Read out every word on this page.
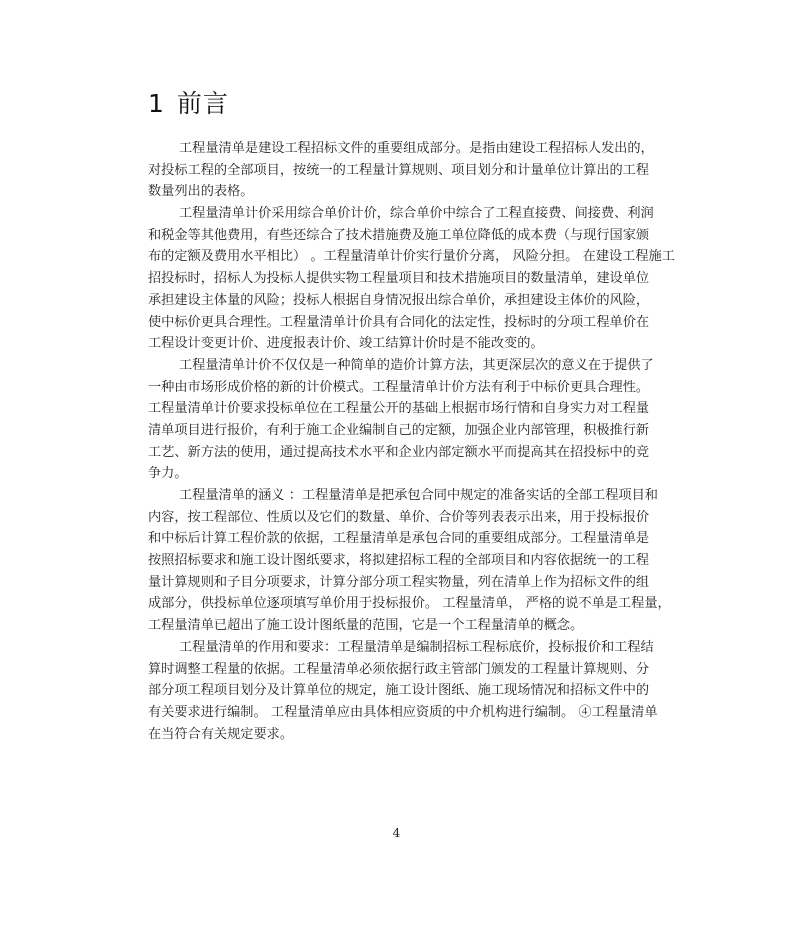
1 前言
工程量清单是建设工程招标文件的重要组成部分。是指由建设工程招标人发出的，
对投标工程的全部项目，按统一的工程量计算规则、项目划分和计量单位计算出的工程
数量列出的表格。
工程量清单计价采用综合单价计价，综合单价中综合了工程直接费、间接费、利润
和税金等其他费用，有些还综合了技术措施费及施工单位降低的成本费（与现行国家颁
布的定额及费用水平相比） 。工程量清单计价实行量价分离， 风险分担。 在建设工程施工
招投标时，招标人为投标人提供实物工程量项目和技术措施项目的数量清单，建设单位
承担建设主体量的风险；投标人根据自身情况报出综合单价，承担建设主体价的风险，
使中标价更具合理性。工程量清单计价具有合同化的法定性，投标时的分项工程单价在
工程设计变更计价、进度报表计价、竣工结算计价时是不能改变的。
工程量清单计价不仅仅是一种简单的造价计算方法，其更深层次的意义在于提供了
一种由市场形成价格的新的计价模式。工程量清单计价方法有利于中标价更具合理性。
工程量清单计价要求投标单位在工程量公开的基础上根据市场行情和自身实力对工程量
清单项目进行报价，有利于施工企业编制自己的定额，加强企业内部管理，积极推行新
工艺、新方法的使用，通过提高技术水平和企业内部定额水平而提高其在招投标中的竞
争力。
工程量清单的涵义 ：工程量清单是把承包合同中规定的准备实话的全部工程项目和
内容，按工程部位、性质以及它们的数量、单价、合价等列表表示出来，用于投标报价
和中标后计算工程价款的依据，工程量清单是承包合同的重要组成部分。工程量清单是
按照招标要求和施工设计图纸要求，将拟建招标工程的全部项目和内容依据统一的工程
量计算规则和子目分项要求，计算分部分项工程实物量，列在清单上作为招标文件的组
成部分，供投标单位逐项填写单价用于投标报价。 工程量清单， 严格的说不单是工程量，
工程量清单已超出了施工设计图纸量的范围，它是一个工程量清单的概念。
工程量清单的作用和要求：工程量清单是编制招标工程标底价，投标报价和工程结
算时调整工程量的依据。工程量清单必须依据行政主管部门颁发的工程量计算规则、分
部分项工程项目划分及计算单位的规定，施工设计图纸、施工现场情况和招标文件中的
有关要求进行编制。 工程量清单应由具体相应资质的中介机构进行编制。 ④工程量清单
在当符合有关规定要求。
4
